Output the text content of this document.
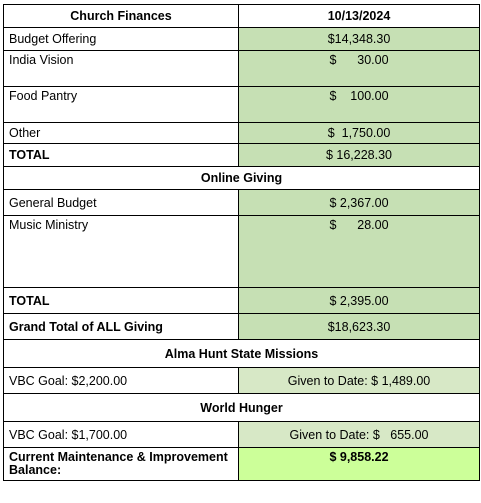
Church Finances	10/13/2024
Budget Offering	$14,348.30
India Vision	$      30.00
Food Pantry	$    100.00
Other	$  1,750.00
TOTAL	$ 16,228.30
Online Giving	
General Budget	$ 2,367.00
Music Ministry	$      28.00
TOTAL	$ 2,395.00
Grand Total of ALL Giving	$18,623.30
Alma Hunt State Missions	
VBC Goal: $2,200.00	Given to Date: $ 1,489.00
World Hunger	
VBC Goal: $1,700.00	Given to Date: $   655.00
Current Maintenance & Improvement Balance:	$ 9,858.22
